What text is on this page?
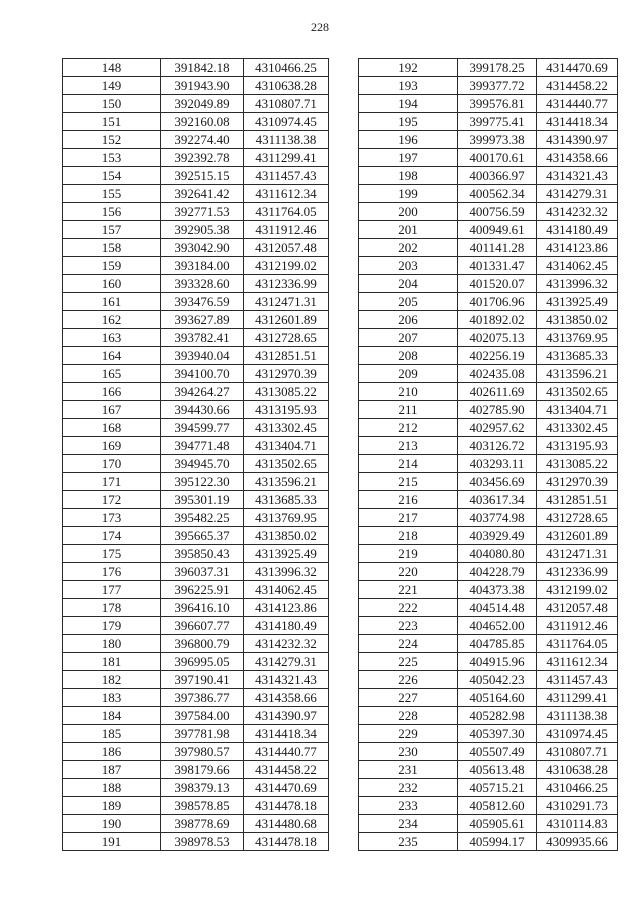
228
148	391842.18	4310466.25
149	391943.90	4310638.28
150	392049.89	4310807.71
151	392160.08	4310974.45
152	392274.40	4311138.38
153	392392.78	4311299.41
154	392515.15	4311457.43
155	392641.42	4311612.34
156	392771.53	4311764.05
157	392905.38	4311912.46
158	393042.90	4312057.48
159	393184.00	4312199.02
160	393328.60	4312336.99
161	393476.59	4312471.31
162	393627.89	4312601.89
163	393782.41	4312728.65
164	393940.04	4312851.51
165	394100.70	4312970.39
166	394264.27	4313085.22
167	394430.66	4313195.93
168	394599.77	4313302.45
169	394771.48	4313404.71
170	394945.70	4313502.65
171	395122.30	4313596.21
172	395301.19	4313685.33
173	395482.25	4313769.95
174	395665.37	4313850.02
175	395850.43	4313925.49
176	396037.31	4313996.32
177	396225.91	4314062.45
178	396416.10	4314123.86
179	396607.77	4314180.49
180	396800.79	4314232.32
181	396995.05	4314279.31
182	397190.41	4314321.43
183	397386.77	4314358.66
184	397584.00	4314390.97
185	397781.98	4314418.34
186	397980.57	4314440.77
187	398179.66	4314458.22
188	398379.13	4314470.69
189	398578.85	4314478.18
190	398778.69	4314480.68
191	398978.53	4314478.18
192	399178.25	4314470.69
193	399377.72	4314458.22
194	399576.81	4314440.77
195	399775.41	4314418.34
196	399973.38	4314390.97
197	400170.61	4314358.66
198	400366.97	4314321.43
199	400562.34	4314279.31
200	400756.59	4314232.32
201	400949.61	4314180.49
202	401141.28	4314123.86
203	401331.47	4314062.45
204	401520.07	4313996.32
205	401706.96	4313925.49
206	401892.02	4313850.02
207	402075.13	4313769.95
208	402256.19	4313685.33
209	402435.08	4313596.21
210	402611.69	4313502.65
211	402785.90	4313404.71
212	402957.62	4313302.45
213	403126.72	4313195.93
214	403293.11	4313085.22
215	403456.69	4312970.39
216	403617.34	4312851.51
217	403774.98	4312728.65
218	403929.49	4312601.89
219	404080.80	4312471.31
220	404228.79	4312336.99
221	404373.38	4312199.02
222	404514.48	4312057.48
223	404652.00	4311912.46
224	404785.85	4311764.05
225	404915.96	4311612.34
226	405042.23	4311457.43
227	405164.60	4311299.41
228	405282.98	4311138.38
229	405397.30	4310974.45
230	405507.49	4310807.71
231	405613.48	4310638.28
232	405715.21	4310466.25
233	405812.60	4310291.73
234	405905.61	4310114.83
235	405994.17	4309935.66
